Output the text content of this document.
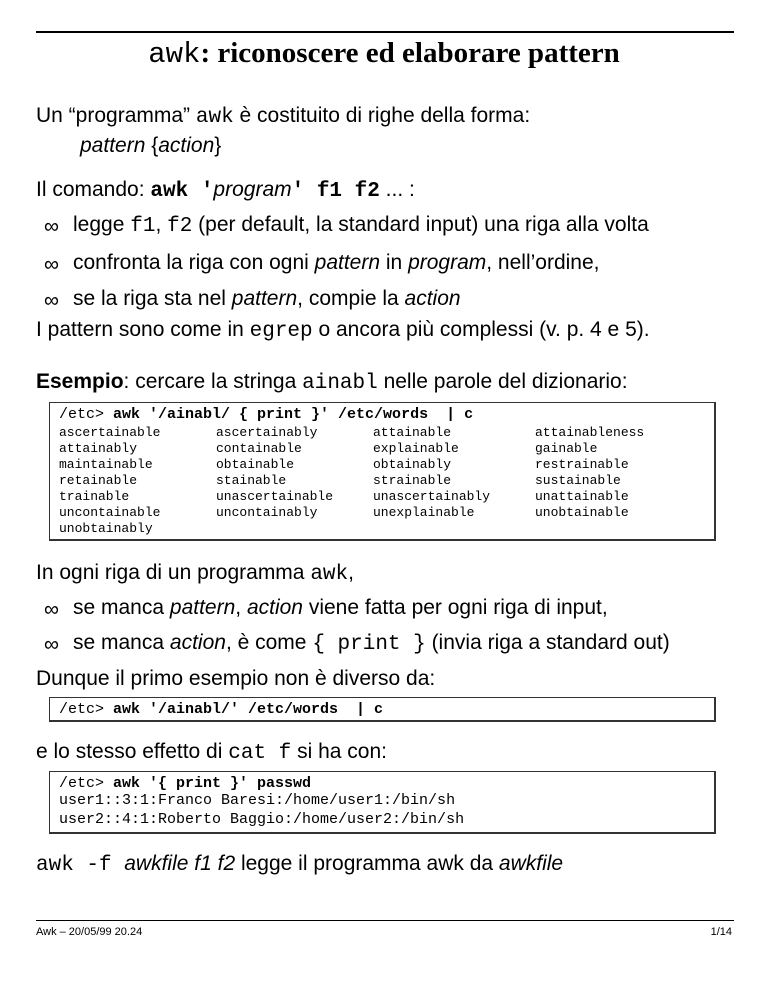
awk: riconoscere ed elaborare pattern
Un “programma” awk è costituito di righe della forma:
pattern {action}
Il comando: awk 'program' f1 f2 ... :
∞ legge f1, f2 (per default, la standard input) una riga alla volta
∞ confronta la riga con ogni pattern in program, nell’ordine,
∞ se la riga sta nel pattern, compie la action
I pattern sono come in egrep o ancora più complessi (v. p. 4 e 5).
Esempio: cercare la stringa ainabl nelle parole del dizionario:
/etc> awk '/ainabl/ { print }' /etc/words  | c
ascertainable	ascertainably	attainable	attainableness
attainably	containable	explainable	gainable
maintainable	obtainable	obtainably	restrainable
retainable	stainable	strainable	sustainable
trainable	unascertainable	unascertainably	unattainable
uncontainable	uncontainably	unexplainable	unobtainable
unobtainably
In ogni riga di un programma awk,
∞ se manca pattern, action viene fatta per ogni riga di input,
∞ se manca action, è come { print } (invia riga a standard out)
Dunque il primo esempio non è diverso da:
/etc> awk '/ainabl/' /etc/words  | c
e lo stesso effetto di cat f si ha con:
/etc> awk '{ print }' passwd
user1::3:1:Franco Baresi:/home/user1:/bin/sh
user2::4:1:Roberto Baggio:/home/user2:/bin/sh
awk -f awkfile f1 f2 legge il programma awk da awkfile
Awk – 20/05/99 20.24	1/14
